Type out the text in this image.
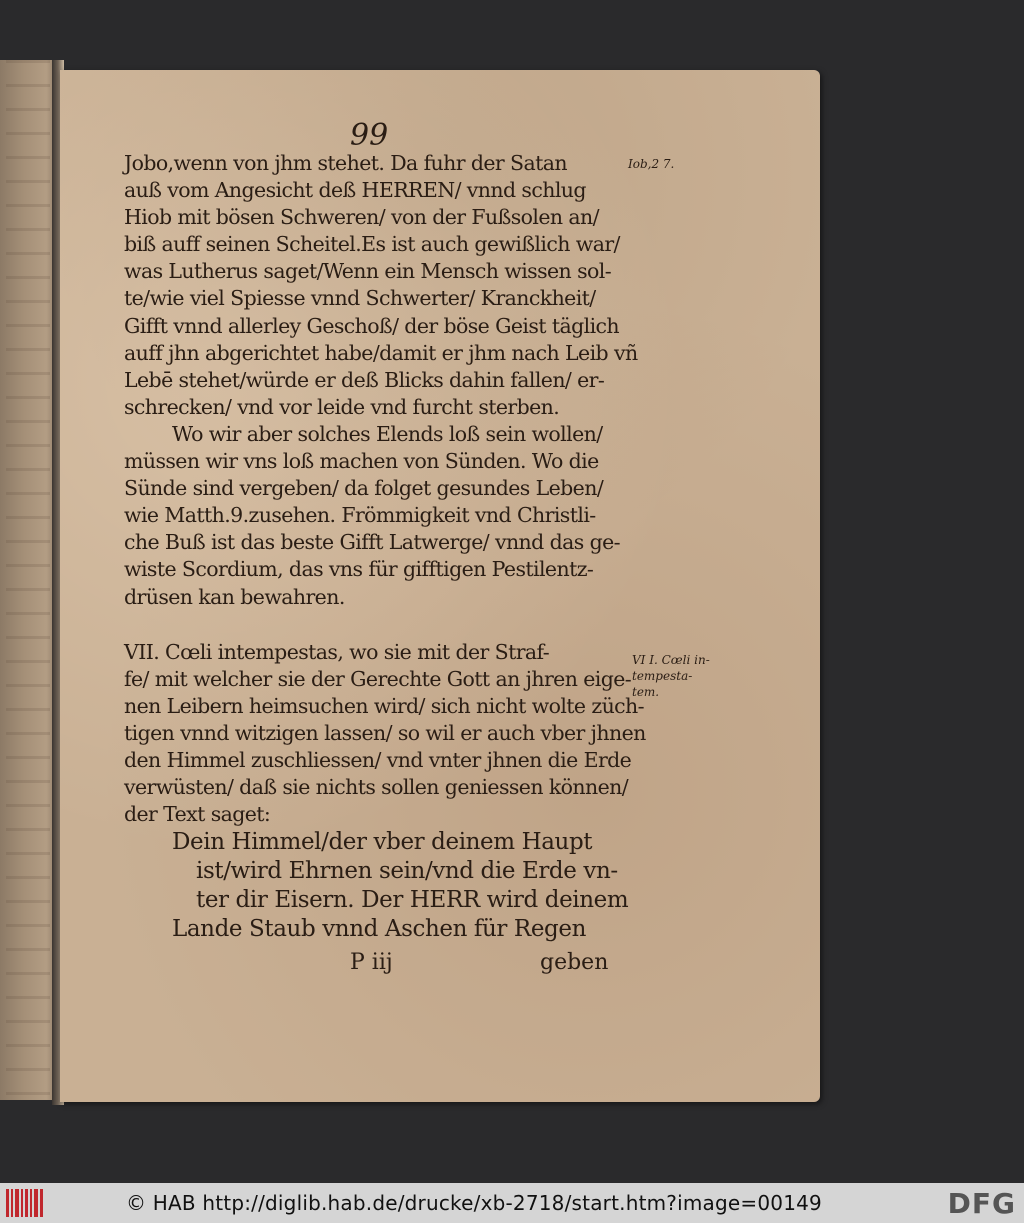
99
Jobo,wenn von jhm stehet. Da fuhr der Satan
auß vom Angesicht deß HERREN/ vnnd schlug
Hiob mit bösen Schweren/ von der Fußsolen an/
biß auff seinen Scheitel.Es ist auch gewißlich war/
was Lutherus saget/Wenn ein Mensch wissen sol-
te/wie viel Spiesse vnnd Schwerter/ Kranckheit/
Gifft vnnd allerley Geschoß/ der böse Geist täglich
auff jhn abgerichtet habe/damit er jhm nach Leib vñ
Lebē stehet/würde er deß Blicks dahin fallen/ er-
schrecken/ vnd vor leide vnd furcht sterben.
Wo wir aber solches Elends loß sein wollen/
müssen wir vns loß machen von Sünden. Wo die
Sünde sind vergeben/ da folget gesundes Leben/
wie Matth.9.zusehen. Frömmigkeit vnd Christli-
che Buß ist das beste Gifft Latwerge/ vnnd das ge-
wiste Scordium, das vns für gifftigen Pestilentz-
drüsen kan bewahren.
VII. Cœli intempestas, wo sie mit der Straf-
fe/ mit welcher sie der Gerechte Gott an jhren eige-
nen Leibern heimsuchen wird/ sich nicht wolte züch-
tigen vnnd witzigen lassen/ so wil er auch vber jhnen
den Himmel zuschliessen/ vnd vnter jhnen die Erde
verwüsten/ daß sie nichts sollen geniessen können/
der Text saget:
Dein Himmel/der vber deinem Haupt
ist/wird Ehrnen sein/vnd die Erde vn-
ter dir Eisern. Der HERR wird deinem
Lande Staub vnnd Aschen für Regen
P iij	geben
Iob,2 7.
VI I. Cœli in-tempesta-tem.
© HAB http://diglib.hab.de/drucke/xb-2718/start.htm?image=00149	DFG
